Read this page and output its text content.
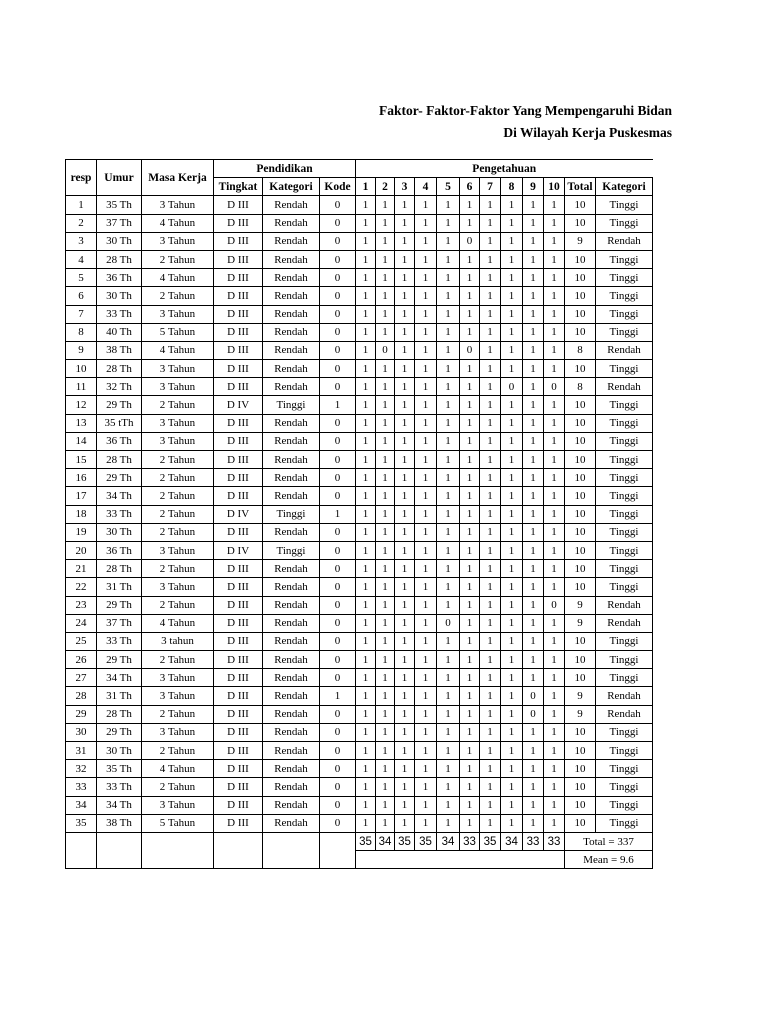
Faktor- Faktor-Faktor Yang Mempengaruhi Bidan
Di Wilayah Kerja Puskesmas
resp	Umur	Masa Kerja	Pendidikan			Pengetahuan											
			Tingkat	Kategori	Kode	1	2	3	4	5	6	7	8	9	10	Total	Kategori
1	35 Th	3 Tahun	D III	Rendah	0	1	1	1	1	1	1	1	1	1	1	10	Tinggi
2	37 Th	4 Tahun	D III	Rendah	0	1	1	1	1	1	1	1	1	1	1	10	Tinggi
3	30 Th	3 Tahun	D III	Rendah	0	1	1	1	1	1	0	1	1	1	1	9	Rendah
4	28 Th	2 Tahun	D III	Rendah	0	1	1	1	1	1	1	1	1	1	1	10	Tinggi
5	36 Th	4 Tahun	D III	Rendah	0	1	1	1	1	1	1	1	1	1	1	10	Tinggi
6	30 Th	2 Tahun	D III	Rendah	0	1	1	1	1	1	1	1	1	1	1	10	Tinggi
7	33 Th	3 Tahun	D III	Rendah	0	1	1	1	1	1	1	1	1	1	1	10	Tinggi
8	40 Th	5 Tahun	D III	Rendah	0	1	1	1	1	1	1	1	1	1	1	10	Tinggi
9	38 Th	4 Tahun	D III	Rendah	0	1	0	1	1	1	0	1	1	1	1	8	Rendah
10	28 Th	3 Tahun	D III	Rendah	0	1	1	1	1	1	1	1	1	1	1	10	Tinggi
11	32 Th	3 Tahun	D III	Rendah	0	1	1	1	1	1	1	1	0	1	0	8	Rendah
12	29 Th	2 Tahun	D IV	Tinggi	1	1	1	1	1	1	1	1	1	1	1	10	Tinggi
13	35 tTh	3 Tahun	D III	Rendah	0	1	1	1	1	1	1	1	1	1	1	10	Tinggi
14	36 Th	3 Tahun	D III	Rendah	0	1	1	1	1	1	1	1	1	1	1	10	Tinggi
15	28 Th	2 Tahun	D III	Rendah	0	1	1	1	1	1	1	1	1	1	1	10	Tinggi
16	29 Th	2 Tahun	D III	Rendah	0	1	1	1	1	1	1	1	1	1	1	10	Tinggi
17	34 Th	2 Tahun	D III	Rendah	0	1	1	1	1	1	1	1	1	1	1	10	Tinggi
18	33 Th	2 Tahun	D IV	Tinggi	1	1	1	1	1	1	1	1	1	1	1	10	Tinggi
19	30 Th	2 Tahun	D III	Rendah	0	1	1	1	1	1	1	1	1	1	1	10	Tinggi
20	36 Th	3 Tahun	D IV	Tinggi	0	1	1	1	1	1	1	1	1	1	1	10	Tinggi
21	28 Th	2 Tahun	D III	Rendah	0	1	1	1	1	1	1	1	1	1	1	10	Tinggi
22	31 Th	3 Tahun	D III	Rendah	0	1	1	1	1	1	1	1	1	1	1	10	Tinggi
23	29 Th	2 Tahun	D III	Rendah	0	1	1	1	1	1	1	1	1	1	0	9	Rendah
24	37 Th	4 Tahun	D III	Rendah	0	1	1	1	1	0	1	1	1	1	1	9	Rendah
25	33 Th	3 tahun	D III	Rendah	0	1	1	1	1	1	1	1	1	1	1	10	Tinggi
26	29 Th	2 Tahun	D III	Rendah	0	1	1	1	1	1	1	1	1	1	1	10	Tinggi
27	34 Th	3 Tahun	D III	Rendah	0	1	1	1	1	1	1	1	1	1	1	10	Tinggi
28	31 Th	3 Tahun	D III	Rendah	1	1	1	1	1	1	1	1	1	0	1	9	Rendah
29	28 Th	2 Tahun	D III	Rendah	0	1	1	1	1	1	1	1	1	0	1	9	Rendah
30	29 Th	3 Tahun	D III	Rendah	0	1	1	1	1	1	1	1	1	1	1	10	Tinggi
31	30 Th	2 Tahun	D III	Rendah	0	1	1	1	1	1	1	1	1	1	1	10	Tinggi
32	35 Th	4 Tahun	D III	Rendah	0	1	1	1	1	1	1	1	1	1	1	10	Tinggi
33	33 Th	2 Tahun	D III	Rendah	0	1	1	1	1	1	1	1	1	1	1	10	Tinggi
34	34 Th	3 Tahun	D III	Rendah	0	1	1	1	1	1	1	1	1	1	1	10	Tinggi
35	38 Th	5 Tahun	D III	Rendah	0	1	1	1	1	1	1	1	1	1	1	10	Tinggi
						35	34	35	35	34	33	35	34	33	33	Total = 337	
																Mean = 9.6	
